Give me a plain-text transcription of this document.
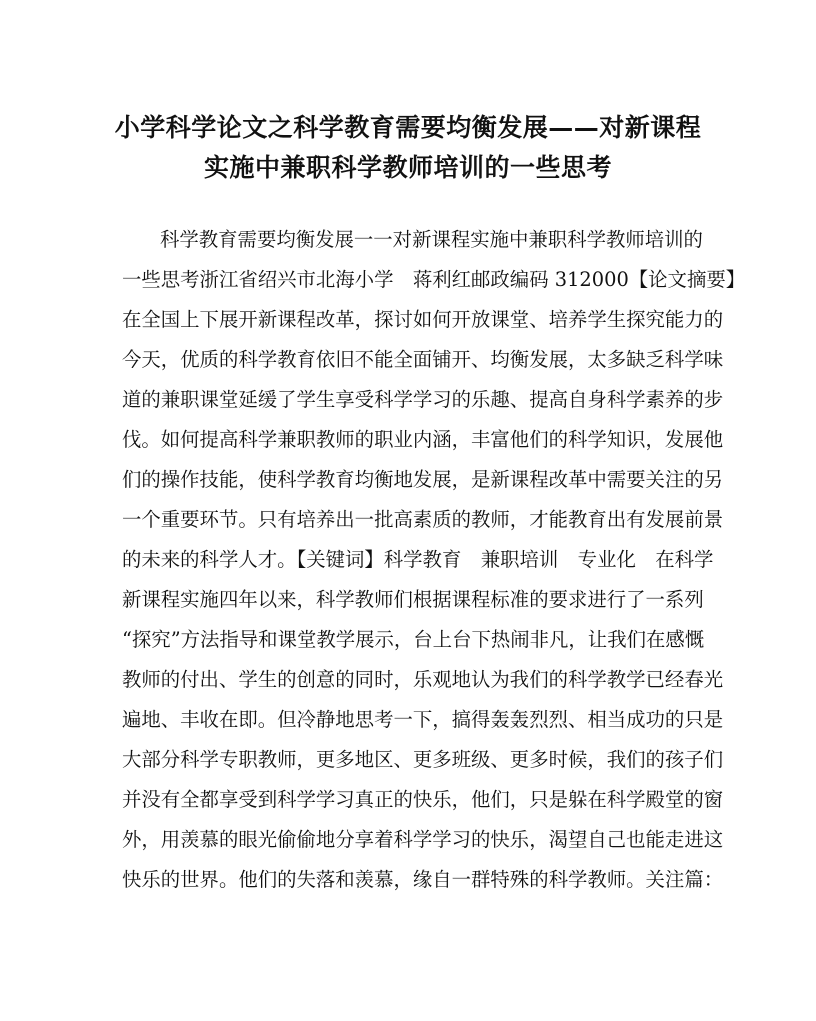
小学科学论文之科学教育需要均衡发展——对新课程
实施中兼职科学教师培训的一些思考
科学教育需要均衡发展一一对新课程实施中兼职科学教师培训的
一些思考浙江省绍兴市北海小学　蒋利红邮政编码 312000【论文摘要】
在全国上下展开新课程改革，探讨如何开放课堂、培养学生探究能力的
今天，优质的科学教育依旧不能全面铺开、均衡发展，太多缺乏科学味
道的兼职课堂延缓了学生享受科学学习的乐趣、提高自身科学素养的步
伐。如何提高科学兼职教师的职业内涵，丰富他们的科学知识，发展他
们的操作技能，使科学教育均衡地发展，是新课程改革中需要关注的另
一个重要环节。只有培养出一批高素质的教师，才能教育出有发展前景
的未来的科学人才。【关键词】科学教育　兼职培训　专业化　在科学
新课程实施四年以来，科学教师们根据课程标准的要求进行了一系列
“探究”方法指导和课堂教学展示，台上台下热闹非凡，让我们在感慨
教师的付出、学生的创意的同时，乐观地认为我们的科学教学已经春光
遍地、丰收在即。但冷静地思考一下，搞得轰轰烈烈、相当成功的只是
大部分科学专职教师，更多地区、更多班级、更多时候，我们的孩子们
并没有全都享受到科学学习真正的快乐，他们，只是躲在科学殿堂的窗
外，用羡慕的眼光偷偷地分享着科学学习的快乐，渴望自己也能走进这
快乐的世界。他们的失落和羡慕，缘自一群特殊的科学教师。关注篇：
